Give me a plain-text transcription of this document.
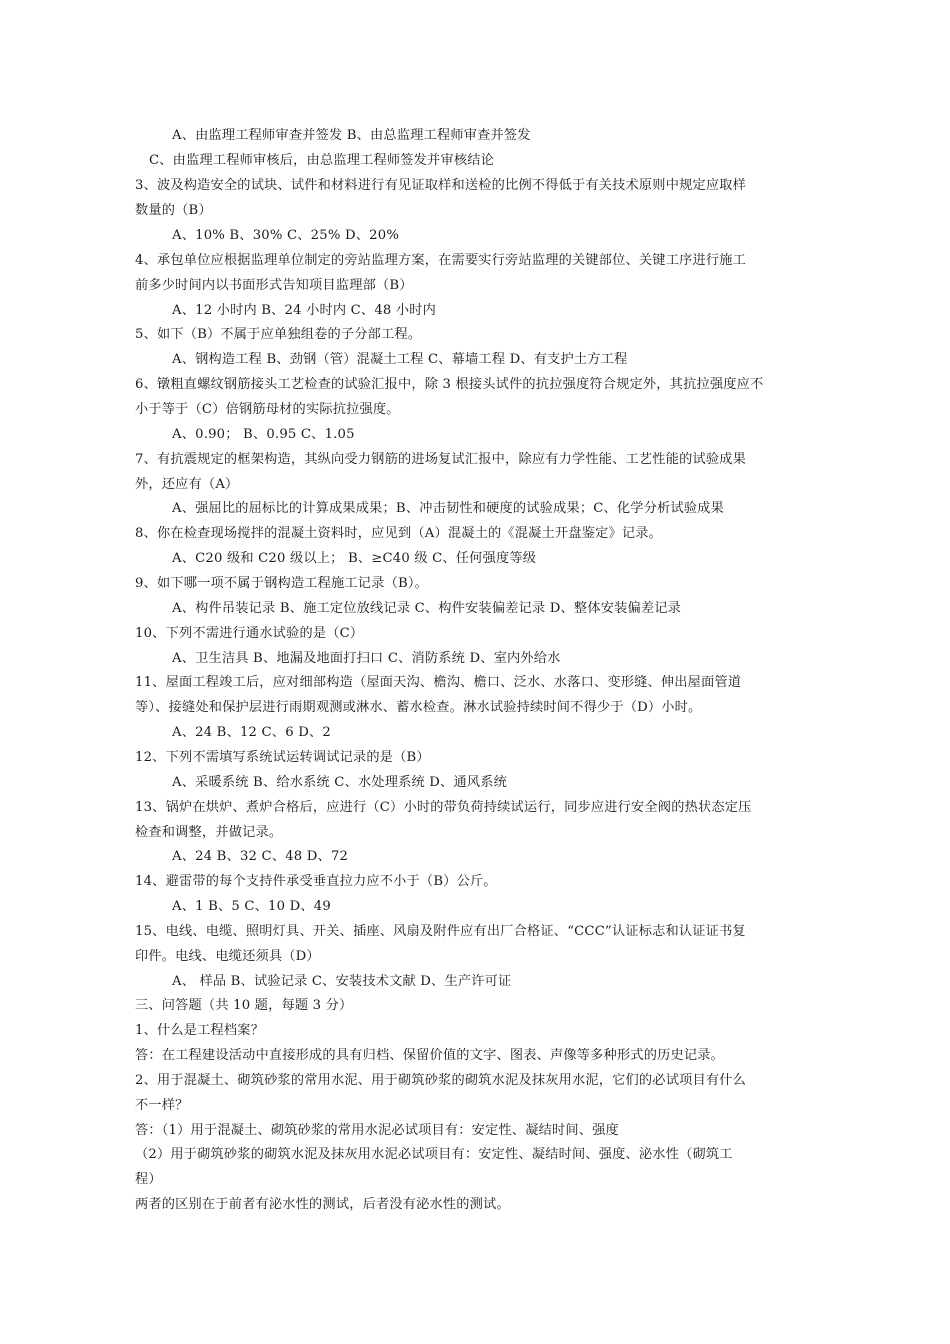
A、由监理工程师审查并签发 B、由总监理工程师审查并签发
C、由监理工程师审核后，由总监理工程师签发并审核结论
3、波及构造安全的试块、试件和材料进行有见证取样和送检的比例不得低于有关技术原则中规定应取样
数量的（B）
A、10% B、30% C、25% D、20%
4、承包单位应根据监理单位制定的旁站监理方案，在需要实行旁站监理的关键部位、关键工序进行施工
前多少时间内以书面形式告知项目监理部（B）
A、12 小时内 B、24 小时内 C、48 小时内
5、如下（B）不属于应单独组卷的子分部工程。
A、钢构造工程 B、劲钢（管）混凝土工程 C、幕墙工程 D、有支护土方工程
6、镦粗直螺纹钢筋接头工艺检查的试验汇报中，除 3 根接头试件的抗拉强度符合规定外，其抗拉强度应不
小于等于（C）倍钢筋母材的实际抗拉强度。
A、0.90； B、0.95 C、1.05
7、有抗震规定的框架构造，其纵向受力钢筋的进场复试汇报中，除应有力学性能、工艺性能的试验成果
外，还应有（A）
A、强屈比的屈标比的计算成果成果；B、冲击韧性和硬度的试验成果；C、化学分析试验成果
8、你在检查现场搅拌的混凝土资料时，应见到（A）混凝土的《混凝土开盘鉴定》记录。
A、C20 级和 C20 级以上； B、≥C40 级 C、任何强度等级
9、如下哪一项不属于钢构造工程施工记录（B）。
A、构件吊装记录 B、施工定位放线记录 C、构件安装偏差记录 D、整体安装偏差记录
10、下列不需进行通水试验的是（C）
A、卫生洁具 B、地漏及地面打扫口 C、消防系统 D、室内外给水
11、屋面工程竣工后，应对细部构造（屋面天沟、檐沟、檐口、泛水、水落口、变形缝、伸出屋面管道
等）、接缝处和保护层进行雨期观测或淋水、蓄水检查。淋水试验持续时间不得少于（D）小时。
A、24 B、12 C、6 D、2
12、下列不需填写系统试运转调试记录的是（B）
A、采暖系统 B、给水系统 C、水处理系统 D、通风系统
13、锅炉在烘炉、煮炉合格后，应进行（C）小时的带负荷持续试运行，同步应进行安全阀的热状态定压
检查和调整，并做记录。
A、24 B、32 C、48 D、72
14、避雷带的每个支持件承受垂直拉力应不小于（B）公斤。
A、1 B、5 C、10 D、49
15、电线、电缆、照明灯具、开关、插座、风扇及附件应有出厂合格证、“CCC”认证标志和认证证书复
印件。电线、电缆还须具（D）
A、 样品 B、试验记录 C、安装技术文献 D、生产许可证
三、问答题（共 10 题，每题 3 分）
1、什么是工程档案？
答：在工程建设活动中直接形成的具有归档、保留价值的文字、图表、声像等多种形式的历史记录。
2、用于混凝土、砌筑砂浆的常用水泥、用于砌筑砂浆的砌筑水泥及抹灰用水泥，它们的必试项目有什么
不一样？
答：（1）用于混凝土、砌筑砂浆的常用水泥必试项目有：安定性、凝结时间、强度
（2）用于砌筑砂浆的砌筑水泥及抹灰用水泥必试项目有：安定性、凝结时间、强度、泌水性（砌筑工
程）
两者的区别在于前者有泌水性的测试，后者没有泌水性的测试。
